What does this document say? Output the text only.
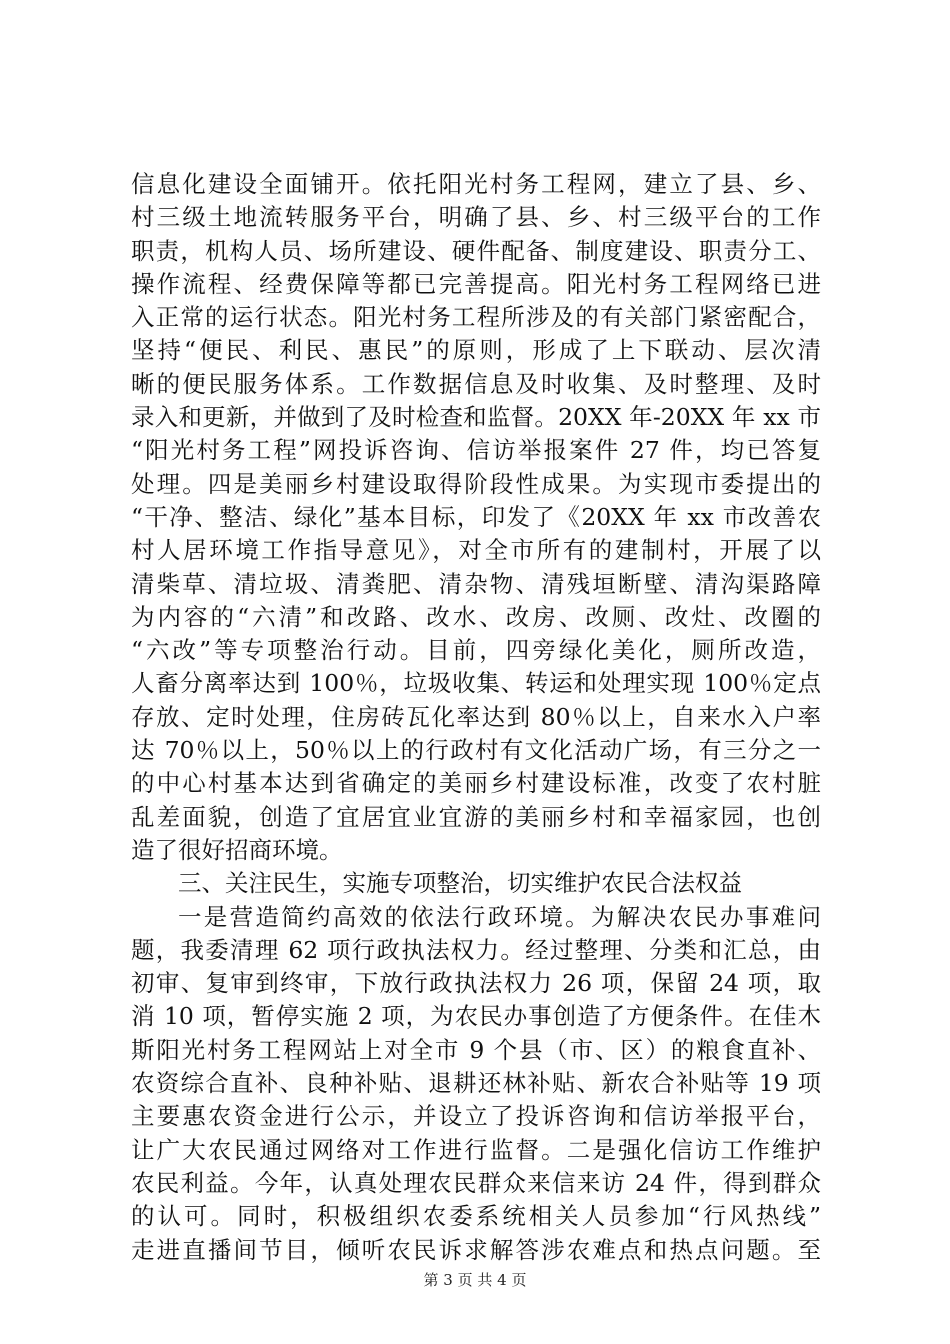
信息化建设全面铺开。依托阳光村务工程网，建立了县、乡、
村三级土地流转服务平台，明确了县、乡、村三级平台的工作
职责，机构人员、场所建设、硬件配备、制度建设、职责分工、
操作流程、经费保障等都已完善提高。阳光村务工程网络已进
入正常的运行状态。阳光村务工程所涉及的有关部门紧密配合，
坚持“便民、利民、惠民”的原则，形成了上下联动、层次清
晰的便民服务体系。工作数据信息及时收集、及时整理、及时
录入和更新，并做到了及时检查和监督。20XX 年-20XX 年 xx 市
“阳光村务工程”网投诉咨询、信访举报案件 27 件，均已答复
处理。四是美丽乡村建设取得阶段性成果。为实现市委提出的
“干净、整洁、绿化”基本目标，印发了《20XX 年 xx 市改善农
村人居环境工作指导意见》，对全市所有的建制村，开展了以
清柴草、清垃圾、清粪肥、清杂物、清残垣断壁、清沟渠路障
为内容的“六清”和改路、改水、改房、改厕、改灶、改圈的
“六改”等专项整治行动。目前，四旁绿化美化，厕所改造，
人畜分离率达到 100％，垃圾收集、转运和处理实现 100％定点
存放、定时处理，住房砖瓦化率达到 80％以上，自来水入户率
达 70％以上，50％以上的行政村有文化活动广场，有三分之一
的中心村基本达到省确定的美丽乡村建设标准，改变了农村脏
乱差面貌，创造了宜居宜业宜游的美丽乡村和幸福家园，也创
造了很好招商环境。
三、关注民生，实施专项整治，切实维护农民合法权益
一是营造简约高效的依法行政环境。为解决农民办事难问
题，我委清理 62 项行政执法权力。经过整理、分类和汇总，由
初审、复审到终审，下放行政执法权力 26 项，保留 24 项，取
消 10 项，暂停实施 2 项，为农民办事创造了方便条件。在佳木
斯阳光村务工程网站上对全市 9 个县（市、区）的粮食直补、
农资综合直补、良种补贴、退耕还林补贴、新农合补贴等 19 项
主要惠农资金进行公示，并设立了投诉咨询和信访举报平台，
让广大农民通过网络对工作进行监督。二是强化信访工作维护
农民利益。今年，认真处理农民群众来信来访 24 件，得到群众
的认可。同时，积极组织农委系统相关人员参加“行风热线”
走进直播间节目，倾听农民诉求解答涉农难点和热点问题。至
第 3 页 共 4 页
